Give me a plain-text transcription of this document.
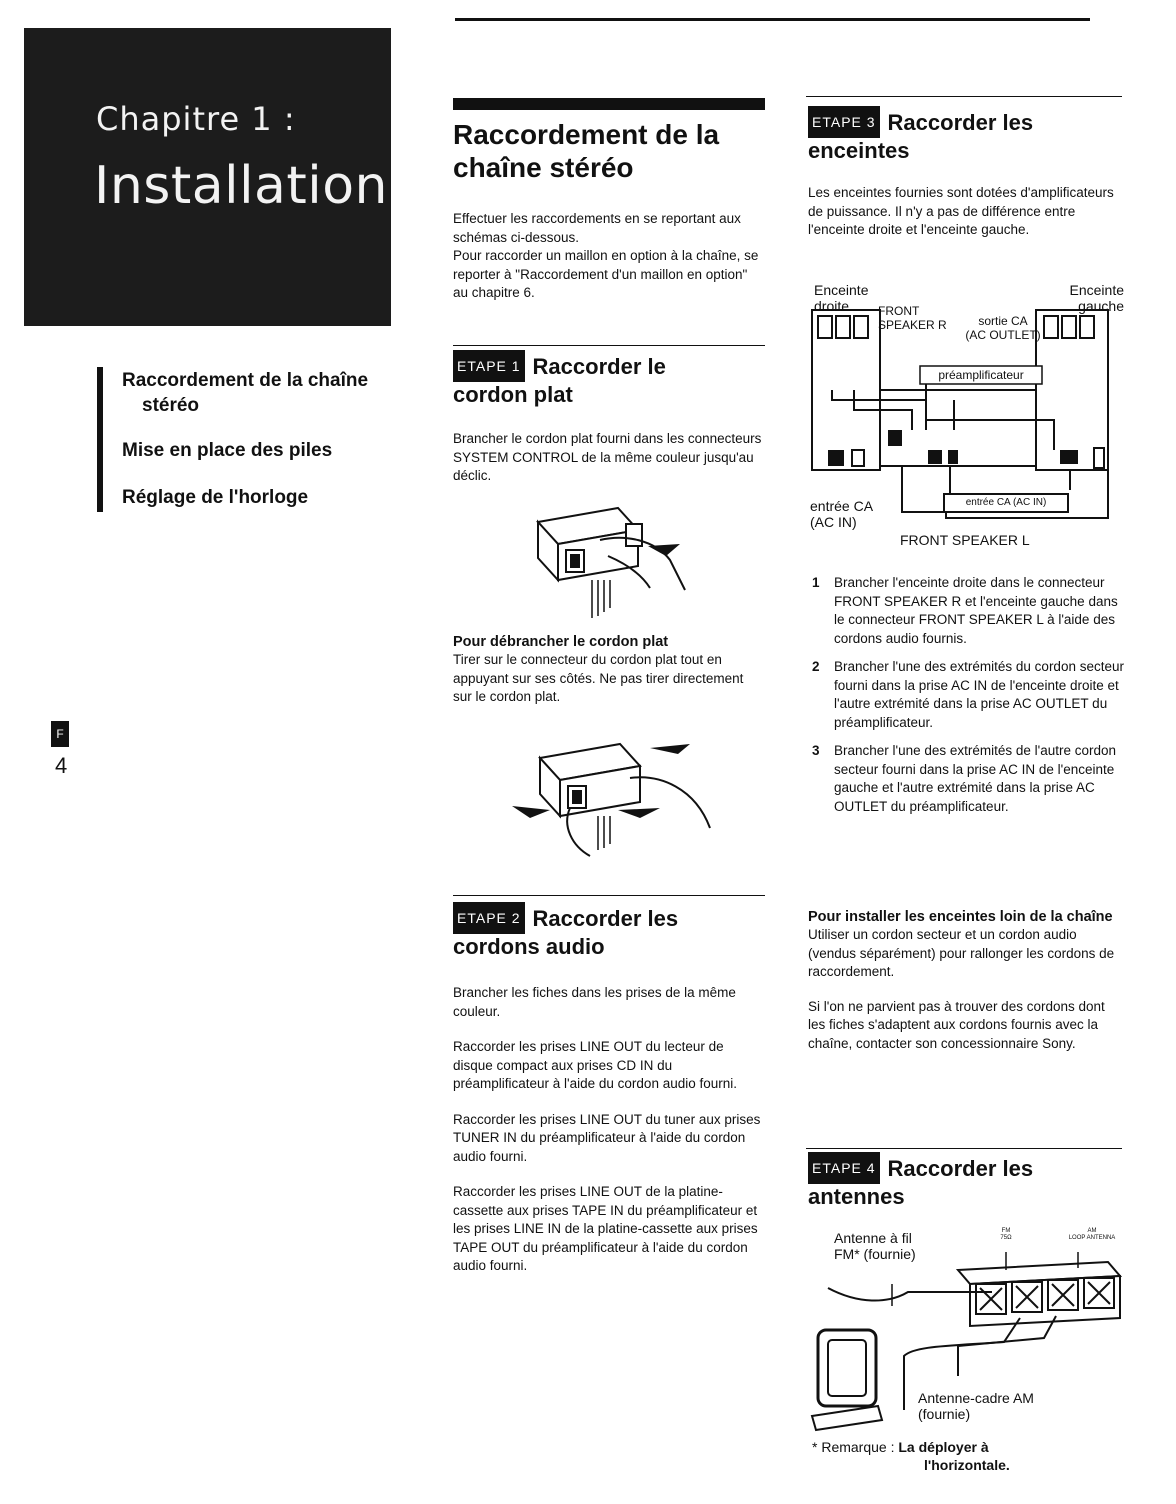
Chapitre 1 :
Installation
Raccordement de la chaîne
stéréo
Mise en place des piles
Réglage de l'horloge
F
4
Raccordement de la
chaîne stéréo
Effectuer les raccordements en se reportant aux schémas ci-dessous.
Pour raccorder un maillon en option à la chaîne, se reporter à "Raccordement d'un maillon en option" au chapitre 6.
ETAPE 1 Raccorder le
cordon plat
Brancher le cordon plat fourni dans les connecteurs SYSTEM CONTROL de la même couleur jusqu'au déclic.
Pour débrancher le cordon plat
Tirer sur le connecteur du cordon plat tout en appuyant sur ses côtés. Ne pas tirer directement sur le cordon plat.
ETAPE 2 Raccorder les
cordons audio

Brancher les fiches dans les prises de la même couleur.

Raccorder les prises LINE OUT du lecteur de disque compact aux prises CD IN du préamplificateur à l'aide du cordon audio fourni.

Raccorder les prises LINE OUT du tuner aux prises TUNER IN du préamplificateur à l'aide du cordon audio fourni.

Raccorder les prises LINE OUT de la platine-cassette aux prises TAPE IN du préamplificateur et les prises LINE IN de la platine-cassette aux prises TAPE OUT du préamplificateur à l'aide du cordon audio fourni.

ETAPE 3 Raccorder les
enceintes
Les enceintes fournies sont dotées d'amplificateurs de puissance. Il n'y a pas de différence entre l'enceinte droite et l'enceinte gauche.
Enceinte
droite
Enceinte
gauche
FRONT
SPEAKER R	sortie CA
(AC OUTLET)
préamplificateur
entrée CA (AC IN)
entrée CA
(AC IN)
FRONT SPEAKER L
1 Brancher l'enceinte droite dans le connecteur FRONT SPEAKER R et l'enceinte gauche dans le connecteur FRONT SPEAKER L à l'aide des cordons audio fournis.
2 Brancher l'une des extrémités du cordon secteur fourni dans la prise AC IN de l'enceinte droite et l'autre extrémité dans la prise AC OUTLET du préamplificateur.
3 Brancher l'une des extrémités de l'autre cordon secteur fourni dans la prise AC IN de l'enceinte gauche et l'autre extrémité dans la prise AC OUTLET du préamplificateur.
Pour installer les enceintes loin de la chaîne
Utiliser un cordon secteur et un cordon audio (vendus séparément) pour rallonger les cordons de raccordement.
Si l'on ne parvient pas à trouver des cordons dont les fiches s'adaptent aux cordons fournis avec la chaîne, contacter son concessionnaire Sony.
ETAPE 4 Raccorder les
antennes
Antenne à fil
FM* (fournie)
FM
75Ω
AM
LOOP ANTENNA
Antenne-cadre AM
(fournie)
* Remarque : La déployer à
l'horizontale.
